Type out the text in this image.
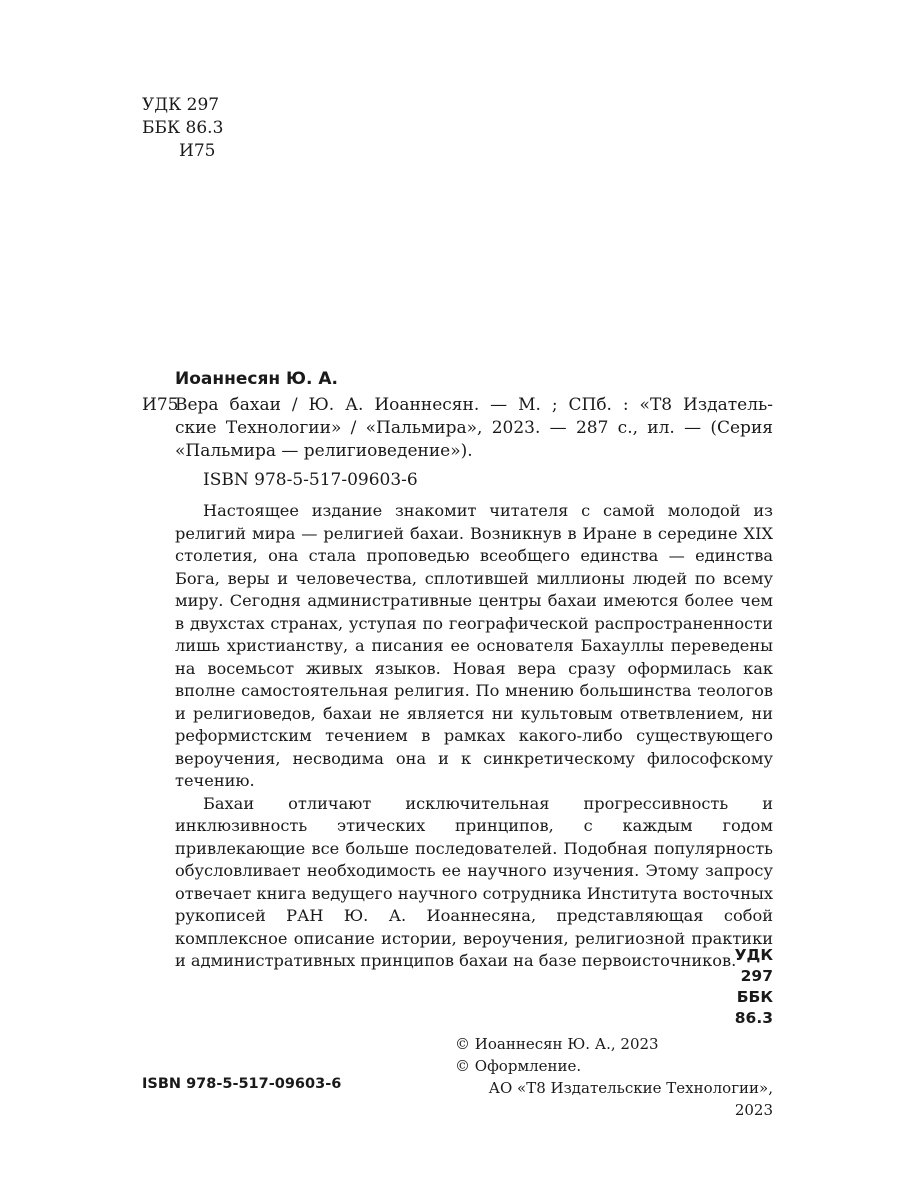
УДК 297
ББК 86.3
И75
Иоаннесян Ю. А.
И75

Вера бахаи / Ю. А. Иоаннесян. — М. ; СПб. : «Т8 Издатель-

ские Технологии» / «Пальмира», 2023. — 287 с., ил. — (Серия

«Пальмира — религиоведение»).

ISBN 978-5-517-09603-6

Настоящее издание знакомит читателя с самой молодой из религий мира — религией бахаи. Возникнув в Иране в середине XIX столетия, она стала проповедью всеобщего единства — единства Бога, веры и человечества, сплотившей миллионы людей по всему миру. Сегодня административные центры бахаи имеются более чем в двухстах странах, уступая по географической распространенности лишь христианству, а писания ее основателя Бахауллы переведены на восемьсот живых языков. Новая вера сразу оформилась как вполне самостоятельная религия. По мнению большинства теологов и религиоведов, бахаи не является ни культовым ответвлением, ни реформистским течением в рамках какого-либо существующего вероучения, несводима она и к синкретическому философскому течению.

Бахаи отличают исключительная прогрессивность и инклюзивность этических принципов, с каждым годом привлекающие все больше последователей. Подобная популярность обусловливает необходимость ее научного изучения. Этому запросу отвечает книга ведущего научного сотрудника Института восточных рукописей РАН Ю. А. Иоаннесяна, представляющая собой комплексное описание истории, вероучения, религиозной практики и административных принципов бахаи на базе первоисточников.

УДК 297
ББК 86.3
ISBN 978-5-517-09603-6
© Иоаннесян Ю. А., 2023
© Оформление.
АО «Т8 Издательские Технологии», 2023
